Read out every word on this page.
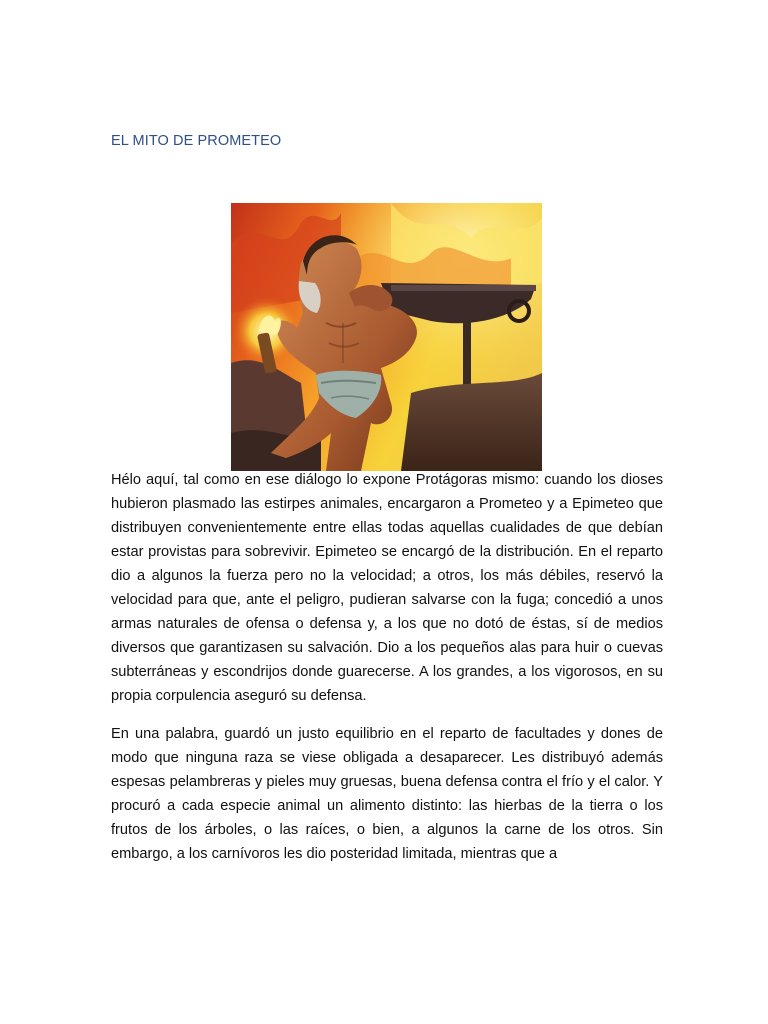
EL MITO DE PROMETEO

Hélo aquí, tal como en ese diálogo lo expone Protágoras mismo: cuando los dioses hubieron plasmado las estirpes animales, encargaron a Prometeo y a Epimeteo que distribuyen convenientemente entre ellas todas aquellas cualidades de que debían estar provistas para sobrevivir. Epimeteo se encargó de la distribución. En el reparto dio a algunos la fuerza pero no la velocidad; a otros, los más débiles, reservó la velocidad para que, ante el peligro, pudieran salvarse con la fuga; concedió a unos armas naturales de ofensa o defensa y, a los que no dotó de éstas, sí de medios diversos que garantizasen su salvación. Dio a los pequeños alas para huir o cuevas subterráneas y escondrijos donde guarecerse. A los grandes, a los vigorosos, en su propia corpulencia aseguró su defensa.

En una palabra, guardó un justo equilibrio en el reparto de facultades y dones de modo que ninguna raza se viese obligada a desaparecer. Les distribuyó además espesas pelambreras y pieles muy gruesas, buena defensa contra el frío y el calor. Y procuró a cada especie animal un alimento distinto: las hierbas de la tierra o los frutos de los árboles, o las raíces, o bien, a algunos la carne de los otros. Sin embargo, a los carnívoros les dio posteridad limitada, mientras que a
